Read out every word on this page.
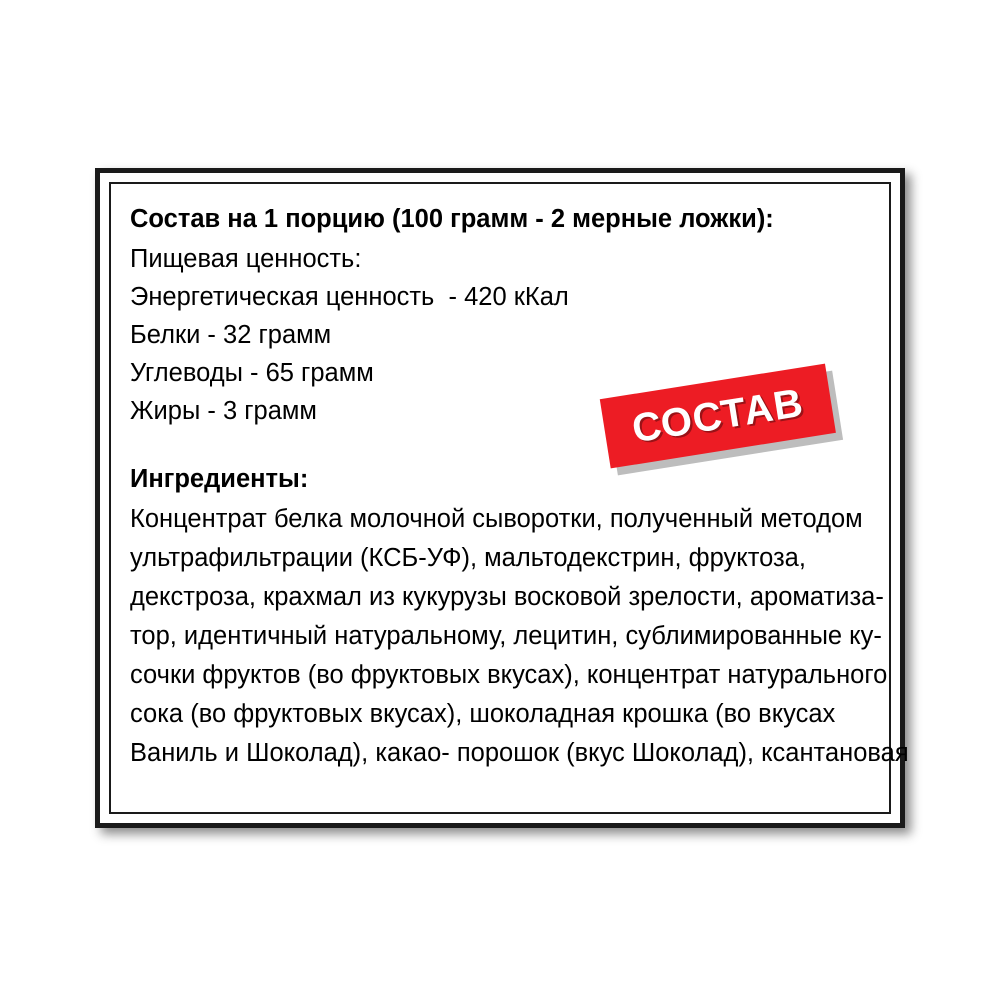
Состав на 1 порцию (100 грамм - 2 мерные ложки):
Пищевая ценность:
Энергетическая ценность  - 420 кКал
Белки - 32 грамм
Углеводы - 65 грамм
Жиры - 3 грамм
Ингредиенты:
Концентрат белка молочной сыворотки, полученный методом
ультрафильтрации (КСБ-УФ), мальтодекстрин, фруктоза,
декстроза, крахмал из кукурузы восковой зрелости, ароматиза-
тор, идентичный натуральному, лецитин, сублимированные ку-
сочки фруктов (во фруктовых вкусах), концентрат натурального
сока (во фруктовых вкусах), шоколадная крошка (во вкусах
Ваниль и Шоколад), какао- порошок (вкус Шоколад), ксантановая
СОСТАВ
